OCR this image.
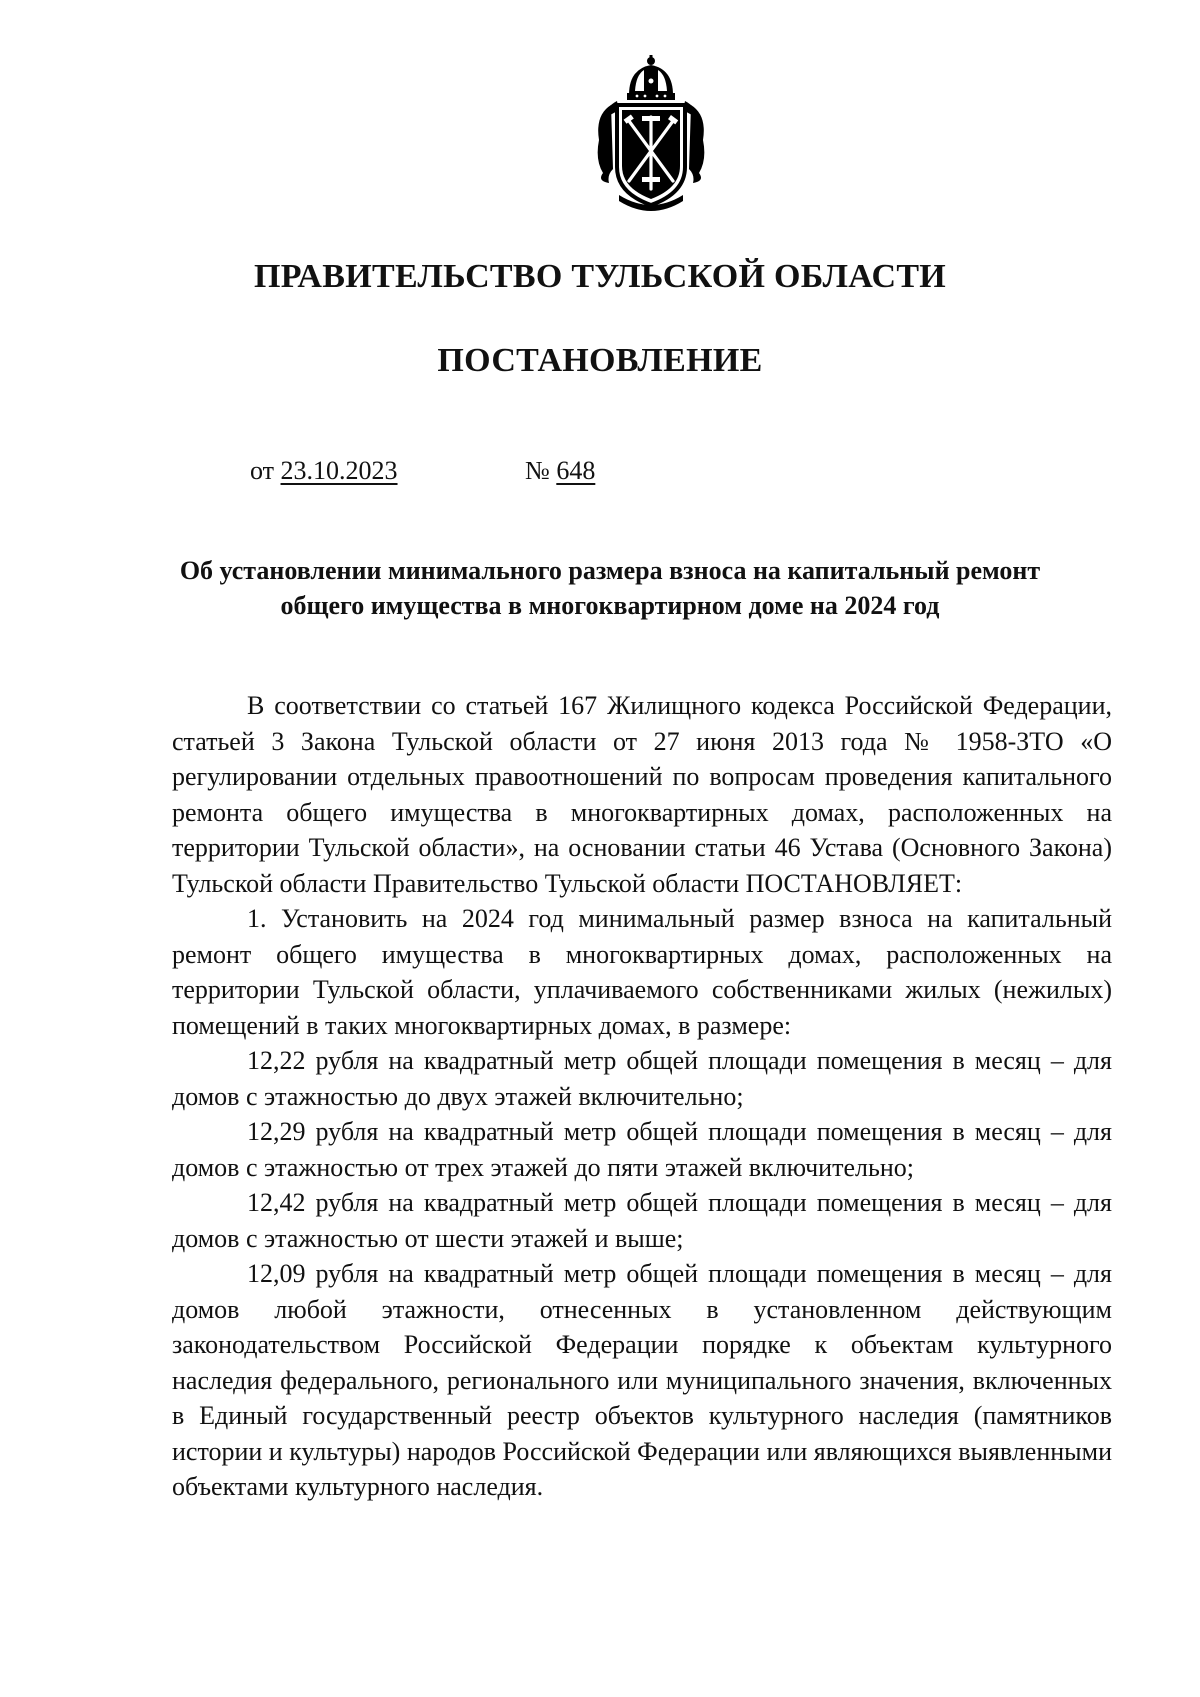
ПРАВИТЕЛЬСТВО ТУЛЬСКОЙ ОБЛАСТИ
ПОСТАНОВЛЕНИЕ
от 23.10.2023	№ 648
Об установлении минимального размера взноса на капитальный ремонт общего имущества в многоквартирном доме на 2024 год

В соответствии со статьей 167 Жилищного кодекса Российской Федерации, статьей 3 Закона Тульской области от 27 июня 2013 года № 1958-ЗТО «О регулировании отдельных правоотношений по вопросам проведения капитального ремонта общего имущества в многоквартирных домах, расположенных на территории Тульской области», на основании статьи 46 Устава (Основного Закона) Тульской области Правительство Тульской области ПОСТАНОВЛЯЕТ:

1. Установить на 2024 год минимальный размер взноса на капитальный ремонт общего имущества в многоквартирных домах, расположенных на территории Тульской области, уплачиваемого собственниками жилых (нежилых) помещений в таких многоквартирных домах, в размере:

12,22 рубля на квадратный метр общей площади помещения в месяц – для домов с этажностью до двух этажей включительно;

12,29 рубля на квадратный метр общей площади помещения в месяц – для домов с этажностью от трех этажей до пяти этажей включительно;

12,42 рубля на квадратный метр общей площади помещения в месяц – для домов с этажностью от шести этажей и выше;

12,09 рубля на квадратный метр общей площади помещения в месяц – для домов любой этажности, отнесенных в установленном действующим законодательством Российской Федерации порядке к объектам культурного наследия федерального, регионального или муниципального значения, включенных в Единый государственный реестр объектов культурного наследия (памятников истории и культуры) народов Российской Федерации или являющихся выявленными объектами культурного наследия.
